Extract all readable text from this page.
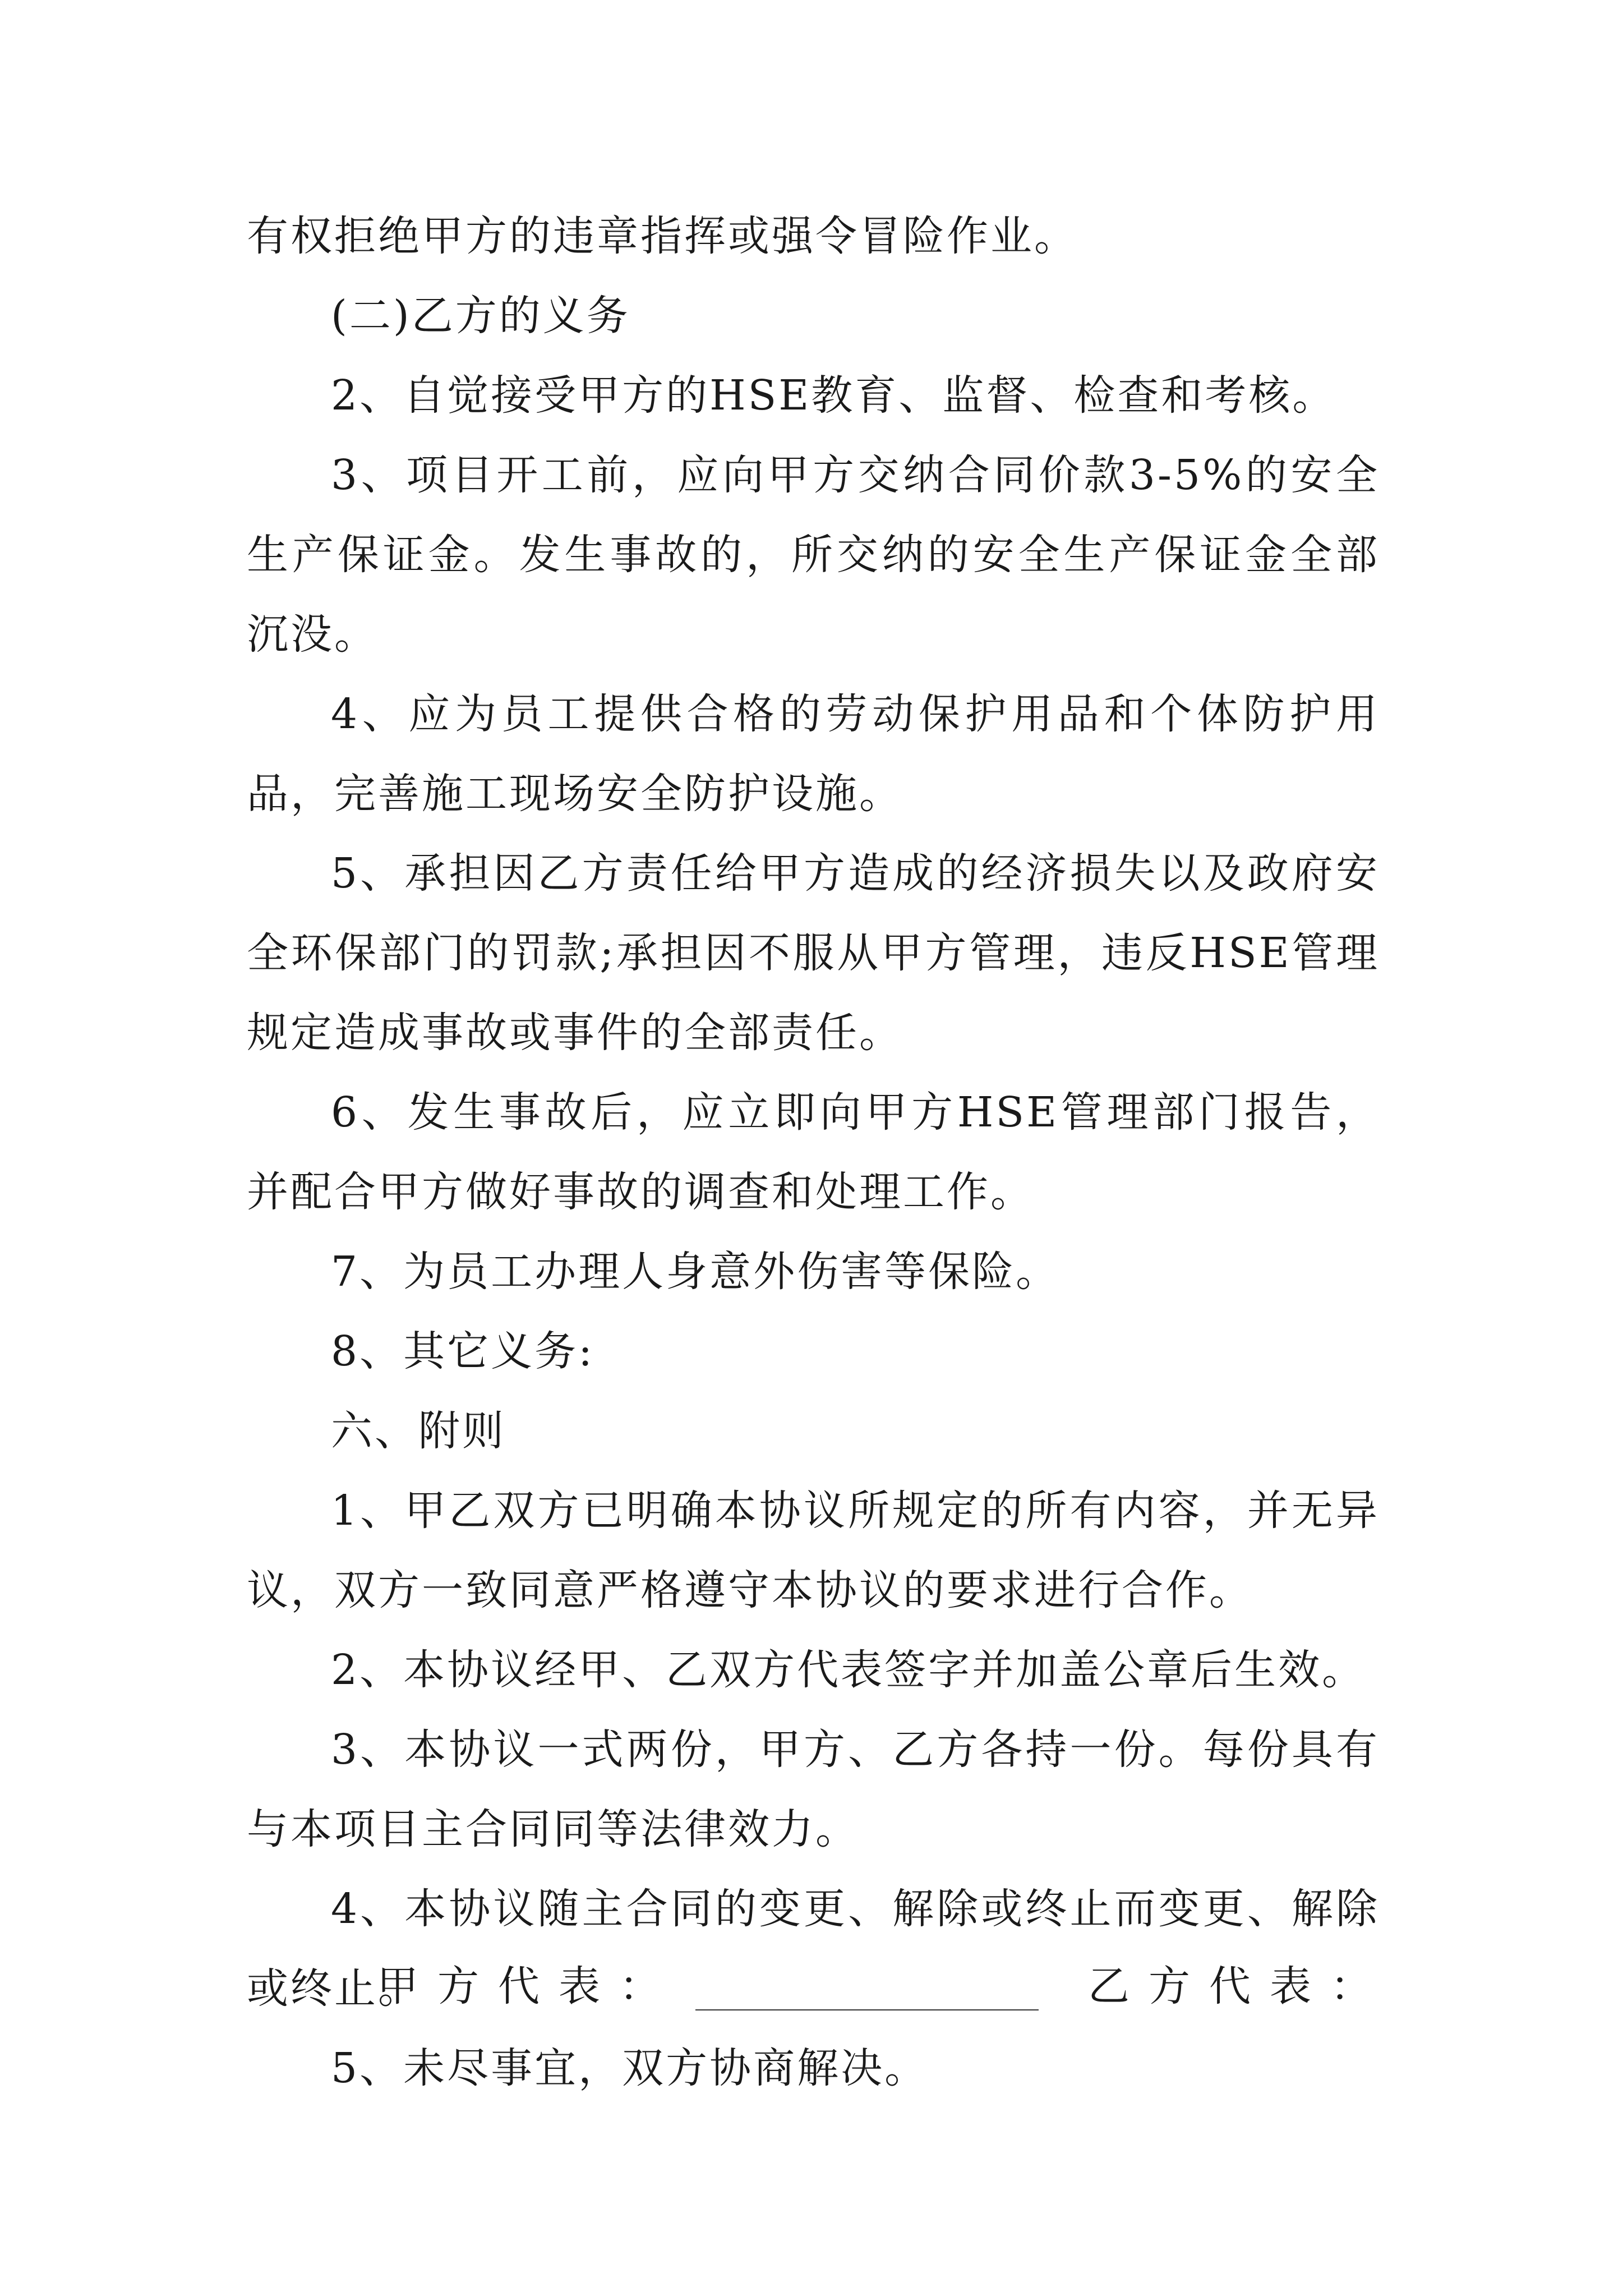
有权拒绝甲方的违章指挥或强令冒险作业。

(二)乙方的义务

2、自觉接受甲方的HSE教育、监督、检查和考核。

3、项目开工前，应向甲方交纳合同价款3-5%的安全生产保证金。发生事故的，所交纳的安全生产保证金全部沉没。

4、应为员工提供合格的劳动保护用品和个体防护用品，完善施工现场安全防护设施。

5、承担因乙方责任给甲方造成的经济损失以及政府安全环保部门的罚款;承担因不服从甲方管理，违反HSE管理规定造成事故或事件的全部责任。

6、发生事故后，应立即向甲方HSE管理部门报告，并配合甲方做好事故的调查和处理工作。

7、为员工办理人身意外伤害等保险。

8、其它义务:

六、附则

1、甲乙双方已明确本协议所规定的所有内容，并无异议，双方一致同意严格遵守本协议的要求进行合作。

2、本协议经甲、乙双方代表签字并加盖公章后生效。

3、本协议一式两份，甲方、乙方各持一份。每份具有与本项目主合同同等法律效力。

4、本协议随主合同的变更、解除或终止而变更、解除或终止。

5、未尽事宜，双方协商解决。

甲方代表：	乙方代表：
